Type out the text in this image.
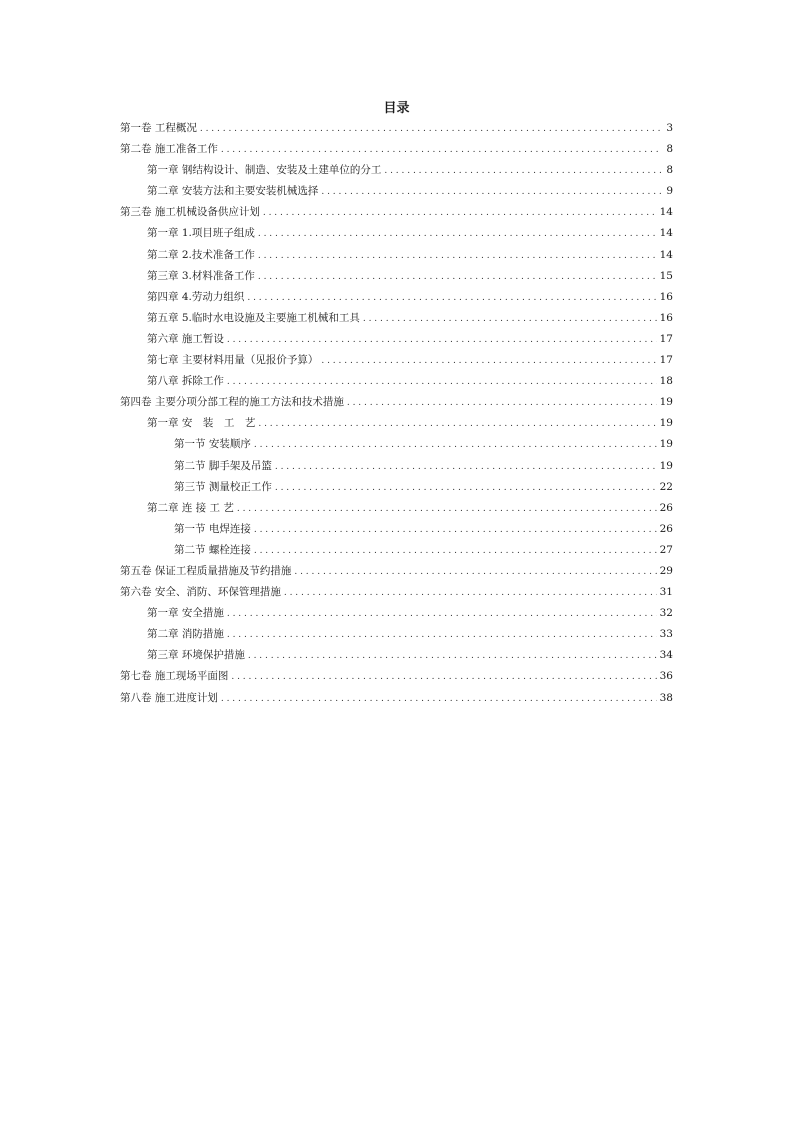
目录
第一卷 工程概况 . . .	3
第二卷 施工准备工作 . . .	8
第一章 钢结构设计、制造、安装及土建单位的分工 . . .	8
第二章 安装方法和主要安装机械选择 . . .	9
第三卷 施工机械设备供应计划 . . .	14
第一章 1.项目班子组成 . . .	14
第二章 2.技术准备工作 . . .	14
第三章 3.材料准备工作 . . .	15
第四章 4.劳动力组织 . . .	16
第五章 5.临时水电设施及主要施工机械和工具 . . .	16
第六章 施工暂设 . . .	17
第七章 主要材料用量（见报价予算） . . .	17
第八章 拆除工作 . . .	18
第四卷 主要分项分部工程的施工方法和技术措施 . . .	19
第一章 安　装　工　艺 . . .	19
第一节 安装顺序 . . .	19
第二节 脚手架及吊篮 . . .	19
第三节 测量校正工作 . . .	22
第二章 连 接 工 艺 . . .	26
第一节 电焊连接 . . .	26
第二节 螺栓连接 . . .	27
第五卷 保证工程质量措施及节约措施 . . .	29
第六卷 安全、消防、环保管理措施 . . .	31
第一章 安全措施 . . .	32
第二章 消防措施 . . .	33
第三章 环境保护措施 . . .	34
第七卷 施工现场平面图 . . .	36
第八卷 施工进度计划 . . .	38
